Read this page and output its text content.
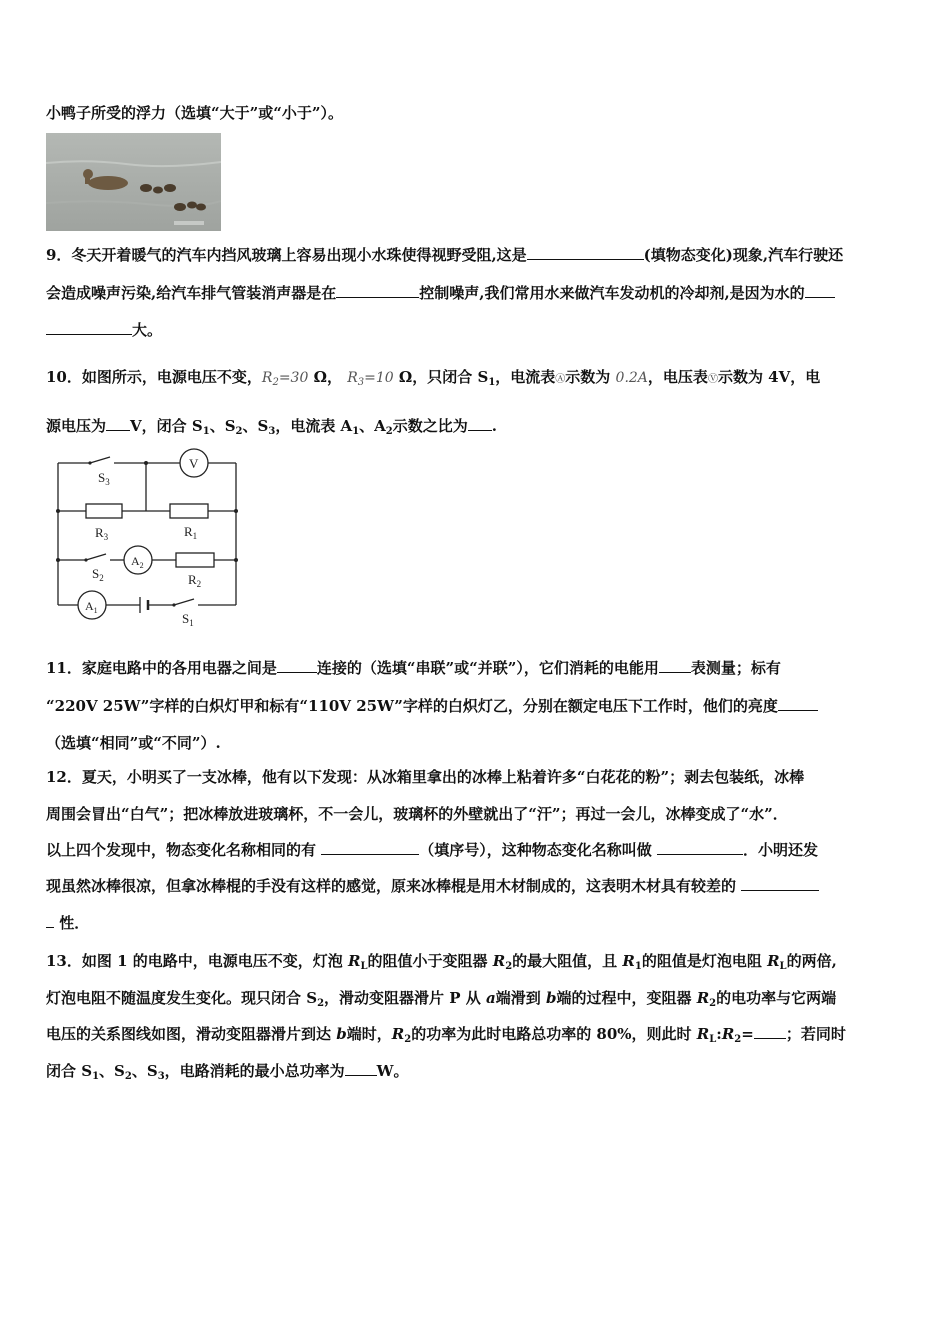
小鸭子所受的浮力（选填“大于”或“小于”）。
9．冬天开着暖气的汽车内挡风玻璃上容易出现小水珠使得视野受阻,这是	(填物态变化)现象,汽车行驶还
会造成噪声污染,给汽车排气管装消声器是在	控制噪声,我们常用水来做汽车发动机的冷却剂,是因为水的
大。
10．如图所示，电源电压不变，$R_2=30$ Ω， $R_3=10$ Ω，只闭合 $S_1$，电流表Ⓐ示数为 0.2A，电压表Ⓥ示数为 4V，电
源电压为 V，闭合 $S_1$、$S_2$、$S_3$，电流表 $A_1$、$A_2$示数之比为 .
$S_3$
V
$R_3$	$R_1$
$A_2$
$S_2$	$R_2$
$A_1$
$S_1$
11．家庭电路中的各用电器之间是	连接的（选填“串联”或“并联”），它们消耗的电能用 表测量；标有
“220V 25W”字样的白炽灯甲和标有“110V 25W”字样的白炽灯乙，分别在额定电压下工作时，他们的亮度
（选填“相同”或“不同”）.
12．夏天，小明买了一支冰棒，他有以下发现：从冰箱里拿出的冰棒上粘着许多“白花花的粉”；剥去包装纸，冰棒
周围会冒出“白气”；把冰棒放进玻璃杯，不一会儿，玻璃杯的外壁就出了“汗”；再过一会儿，冰棒变成了“水”．
以上四个发现中，物态变化名称相同的有	（填序号），这种物态变化名称叫做	．小明还发
现虽然冰棒很凉，但拿冰棒棍的手没有这样的感觉，原来冰棒棍是用木材制成的，这表明木材具有较差的
性．
13．如图 1 的电路中，电源电压不变，灯泡 $R_L$的阻值小于变阻器 $R_2$的最大阻值，且 $R_1$的阻值是灯泡电阻 $R_L$的两倍,
灯泡电阻不随温度发生变化。现只闭合 $S_2$，滑动变阻器滑片 P 从 a端滑到 b端的过程中，变阻器 $R_2$的电功率与它两端
电压的关系图线如图，滑动变阻器滑片到达 b端时，$R_2$的功率为此时电路总功率的 80%，则此时 $R_L:R_2=$ ；若同时
闭合 $S_1$、$S_2$、$S_3$，电路消耗的最小总功率为 W。
